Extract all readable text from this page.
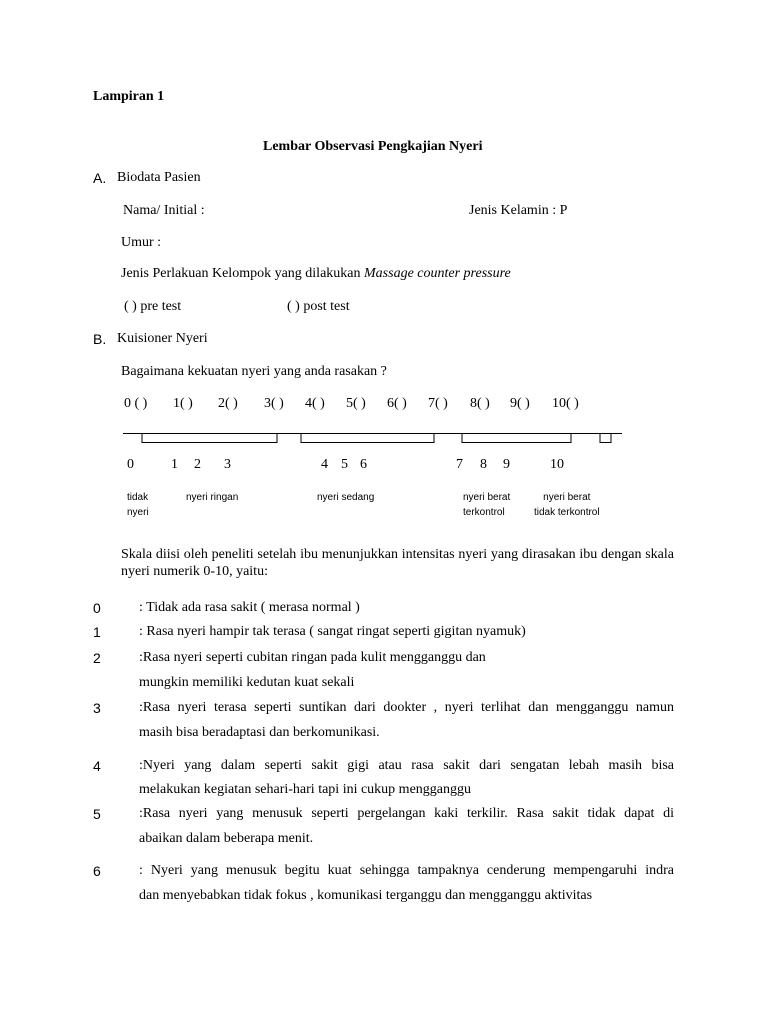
Lampiran 1
Lembar Observasi Pengkajian Nyeri
A. Biodata Pasien
Nama/ Initial :	Jenis Kelamin : P
Umur :
Jenis Perlakuan Kelompok yang dilakukan Massage counter pressure
( ) pre test	( ) post test
B. Kuisioner Nyeri
Bagaimana kekuatan nyeri yang anda rasakan ?
0 ( ) 1( ) 2( ) 3( ) 4( ) 5( ) 6( ) 7( ) 8( ) 9( ) 10( )
0	1 2 3	4 5 6	7 8 9	10
tidak
nyeri
nyeri ringan	nyeri sedang	nyeri berat
terkontrol
nyeri berat
tidak terkontrol
Skala diisi oleh peneliti setelah ibu menunjukkan intensitas nyeri yang dirasakan ibu dengan skala nyeri numerik 0-10, yaitu:
0	: Tidak ada rasa sakit ( merasa normal )
1	: Rasa nyeri hampir tak terasa ( sangat ringat seperti gigitan nyamuk)
2	:Rasa nyeri seperti cubitan ringan pada kulit mengganggu dan
mungkin memiliki kedutan kuat sekali
3	:Rasa nyeri terasa seperti suntikan dari dookter , nyeri terlihat dan mengganggu namun
masih bisa beradaptasi dan berkomunikasi.
4	:Nyeri yang dalam seperti sakit gigi atau rasa sakit dari sengatan lebah masih bisa
melakukan kegiatan sehari-hari tapi ini cukup mengganggu
5	:Rasa nyeri yang menusuk seperti pergelangan kaki terkilir. Rasa sakit tidak dapat di
abaikan dalam beberapa menit.
6	: Nyeri yang menusuk begitu kuat sehingga tampaknya cenderung mempengaruhi indra
dan menyebabkan tidak fokus , komunikasi terganggu dan mengganggu aktivitas
